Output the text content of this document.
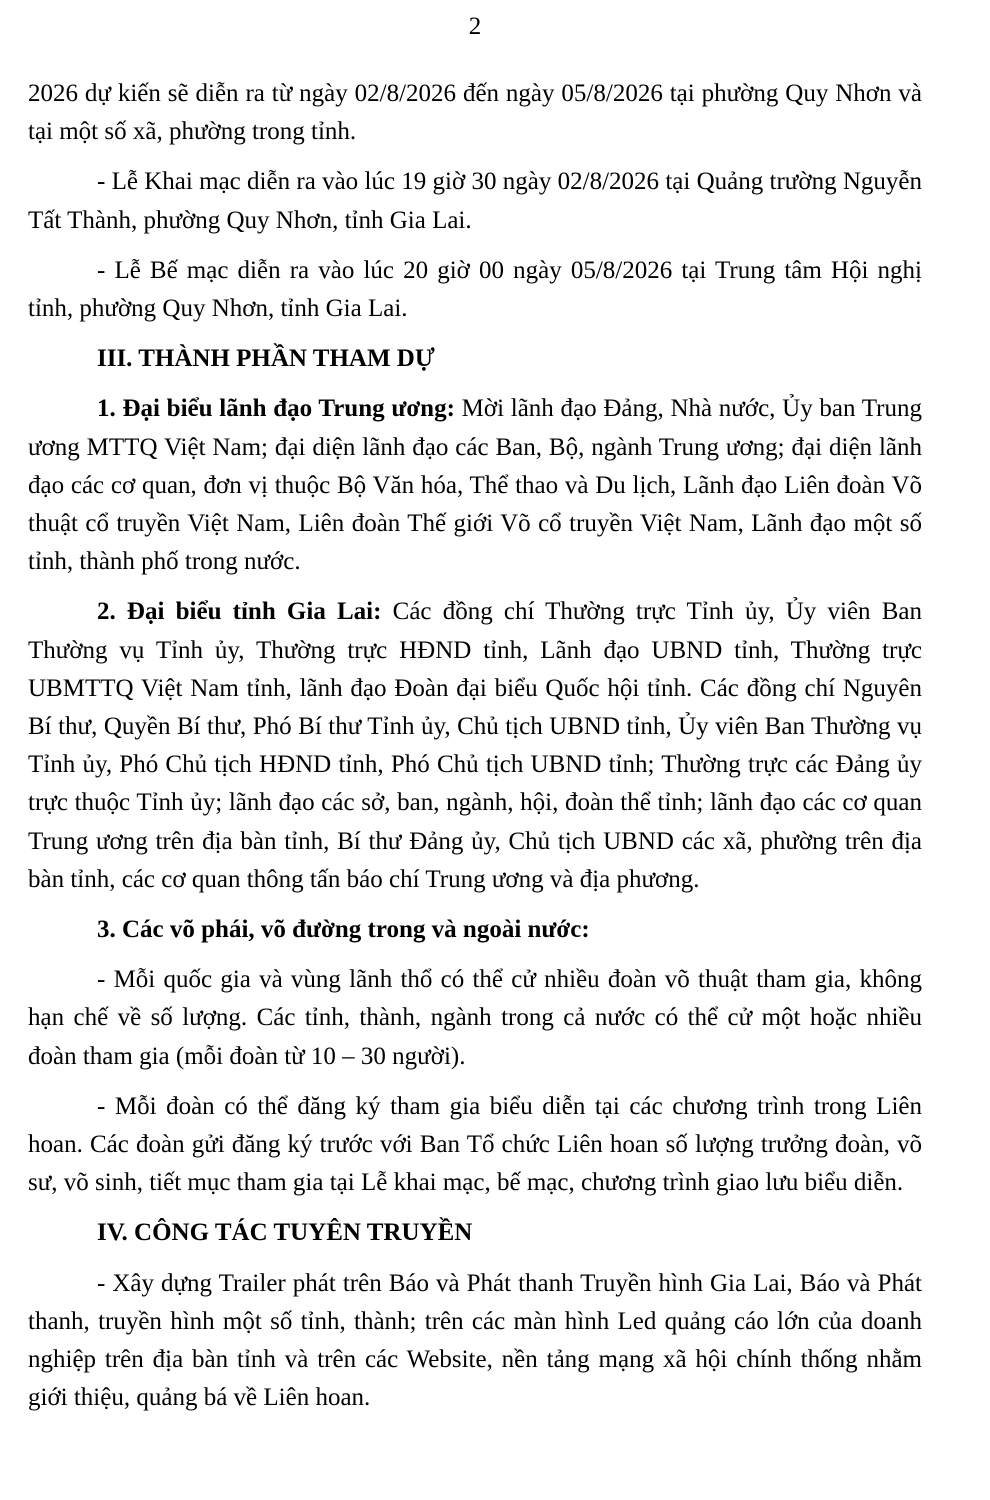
2

2026 dự kiến sẽ diễn ra từ ngày 02/8/2026 đến ngày 05/8/2026 tại phường Quy Nhơn và tại một số xã, phường trong tỉnh.

- Lễ Khai mạc diễn ra vào lúc 19 giờ 30 ngày 02/8/2026 tại Quảng trường Nguyễn Tất Thành, phường Quy Nhơn, tỉnh Gia Lai.

- Lễ Bế mạc diễn ra vào lúc 20 giờ 00 ngày 05/8/2026 tại Trung tâm Hội nghị tỉnh, phường Quy Nhơn, tỉnh Gia Lai.

III. THÀNH PHẦN THAM DỰ

1. Đại biểu lãnh đạo Trung ương: Mời lãnh đạo Đảng, Nhà nước, Ủy ban Trung ương MTTQ Việt Nam; đại diện lãnh đạo các Ban, Bộ, ngành Trung ương; đại diện lãnh đạo các cơ quan, đơn vị thuộc Bộ Văn hóa, Thể thao và Du lịch, Lãnh đạo Liên đoàn Võ thuật cổ truyền Việt Nam, Liên đoàn Thế giới Võ cổ truyền Việt Nam, Lãnh đạo một số tỉnh, thành phố trong nước.

2. Đại biểu tỉnh Gia Lai: Các đồng chí Thường trực Tỉnh ủy, Ủy viên Ban Thường vụ Tỉnh ủy, Thường trực HĐND tỉnh, Lãnh đạo UBND tỉnh, Thường trực UBMTTQ Việt Nam tỉnh, lãnh đạo Đoàn đại biểu Quốc hội tỉnh. Các đồng chí Nguyên Bí thư, Quyền Bí thư, Phó Bí thư Tỉnh ủy, Chủ tịch UBND tỉnh, Ủy viên Ban Thường vụ Tỉnh ủy, Phó Chủ tịch HĐND tỉnh, Phó Chủ tịch UBND tỉnh; Thường trực các Đảng ủy trực thuộc Tỉnh ủy; lãnh đạo các sở, ban, ngành, hội, đoàn thể tỉnh; lãnh đạo các cơ quan Trung ương trên địa bàn tỉnh, Bí thư Đảng ủy, Chủ tịch UBND các xã, phường trên địa bàn tỉnh, các cơ quan thông tấn báo chí Trung ương và địa phương.

3. Các võ phái, võ đường trong và ngoài nước:

- Mỗi quốc gia và vùng lãnh thổ có thể cử nhiều đoàn võ thuật tham gia, không hạn chế về số lượng. Các tỉnh, thành, ngành trong cả nước có thể cử một hoặc nhiều đoàn tham gia (mỗi đoàn từ 10 – 30 người).

- Mỗi đoàn có thể đăng ký tham gia biểu diễn tại các chương trình trong Liên hoan. Các đoàn gửi đăng ký trước với Ban Tổ chức Liên hoan số lượng trưởng đoàn, võ sư, võ sinh, tiết mục tham gia tại Lễ khai mạc, bế mạc, chương trình giao lưu biểu diễn.

IV. CÔNG TÁC TUYÊN TRUYỀN

- Xây dựng Trailer phát trên Báo và Phát thanh Truyền hình Gia Lai, Báo và Phát thanh, truyền hình một số tỉnh, thành; trên các màn hình Led quảng cáo lớn của doanh nghiệp trên địa bàn tỉnh và trên các Website, nền tảng mạng xã hội chính thống nhằm giới thiệu, quảng bá về Liên hoan.
